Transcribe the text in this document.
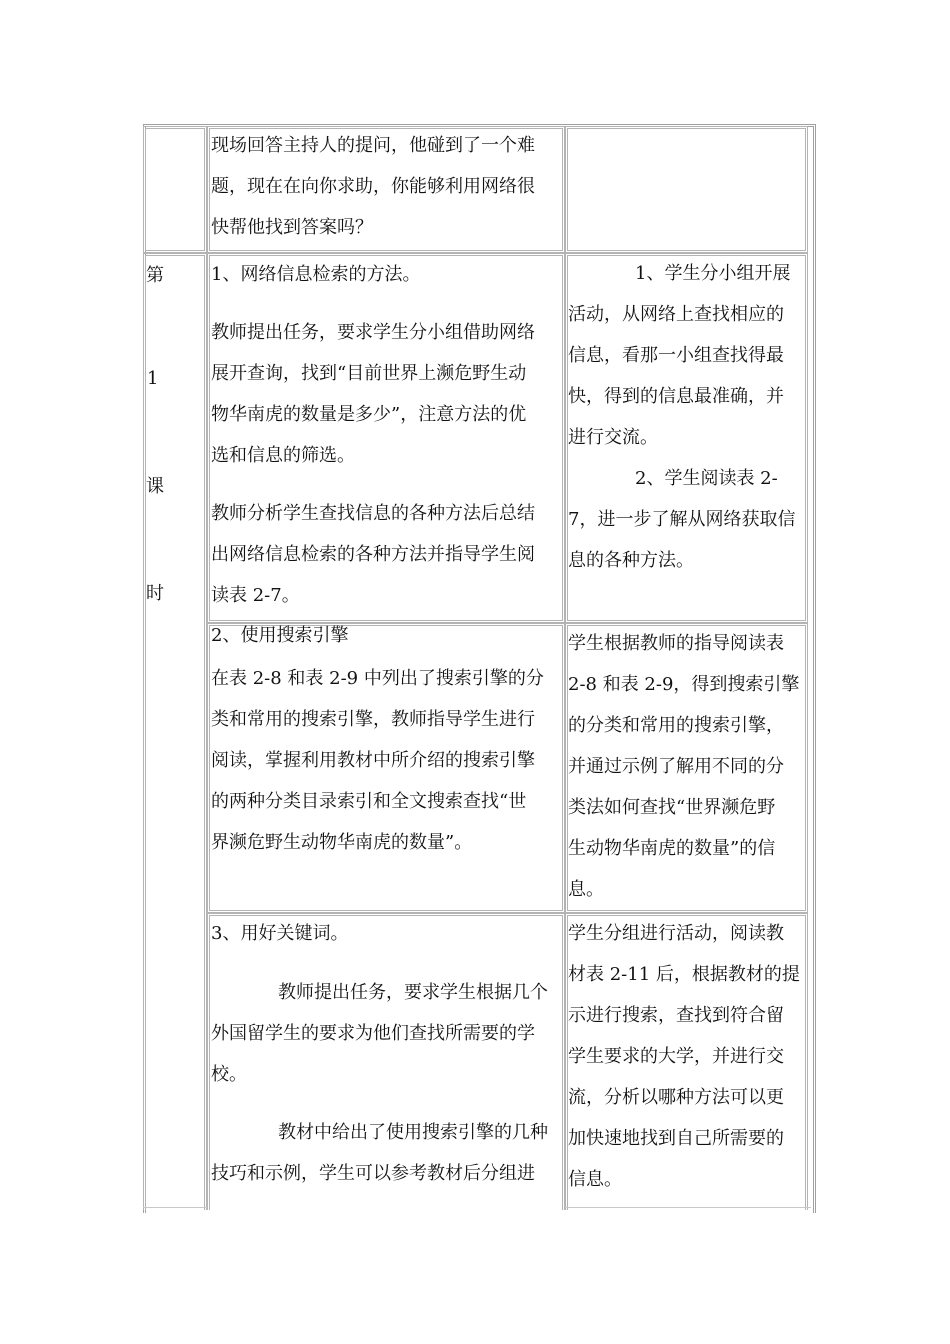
现场回答主持人的提问，他碰到了一个难
题，现在在向你求助，你能够利用网络很
快帮他找到答案吗？
第
1
课
时
1、网络信息检索的方法。
教师提出任务，要求学生分小组借助网络
展开查询，找到“目前世界上濒危野生动
物华南虎的数量是多少”，注意方法的优
选和信息的筛选。
教师分析学生查找信息的各种方法后总结
出网络信息检索的各种方法并指导学生阅
读表 2-7。
1、学生分小组开展
活动，从网络上查找相应的
信息，看那一小组查找得最
快，得到的信息最准确，并
进行交流。
2、学生阅读表 2-
7，进一步了解从网络获取信
息的各种方法。
2、使用搜索引擎
在表 2-8 和表 2-9 中列出了搜索引擎的分
类和常用的搜索引擎，教师指导学生进行
阅读，掌握利用教材中所介绍的搜索引擎
的两种分类目录索引和全文搜索查找“世
界濒危野生动物华南虎的数量”。
学生根据教师的指导阅读表
2-8 和表 2-9，得到搜索引擎
的分类和常用的搜索引擎，
并通过示例了解用不同的分
类法如何查找“世界濒危野
生动物华南虎的数量”的信
息。
3、用好关键词。
教师提出任务，要求学生根据几个
外国留学生的要求为他们查找所需要的学
校。
教材中给出了使用搜索引擎的几种
技巧和示例，学生可以参考教材后分组进
学生分组进行活动，阅读教
材表 2-11 后，根据教材的提
示进行搜索，查找到符合留
学生要求的大学，并进行交
流，分析以哪种方法可以更
加快速地找到自己所需要的
信息。
